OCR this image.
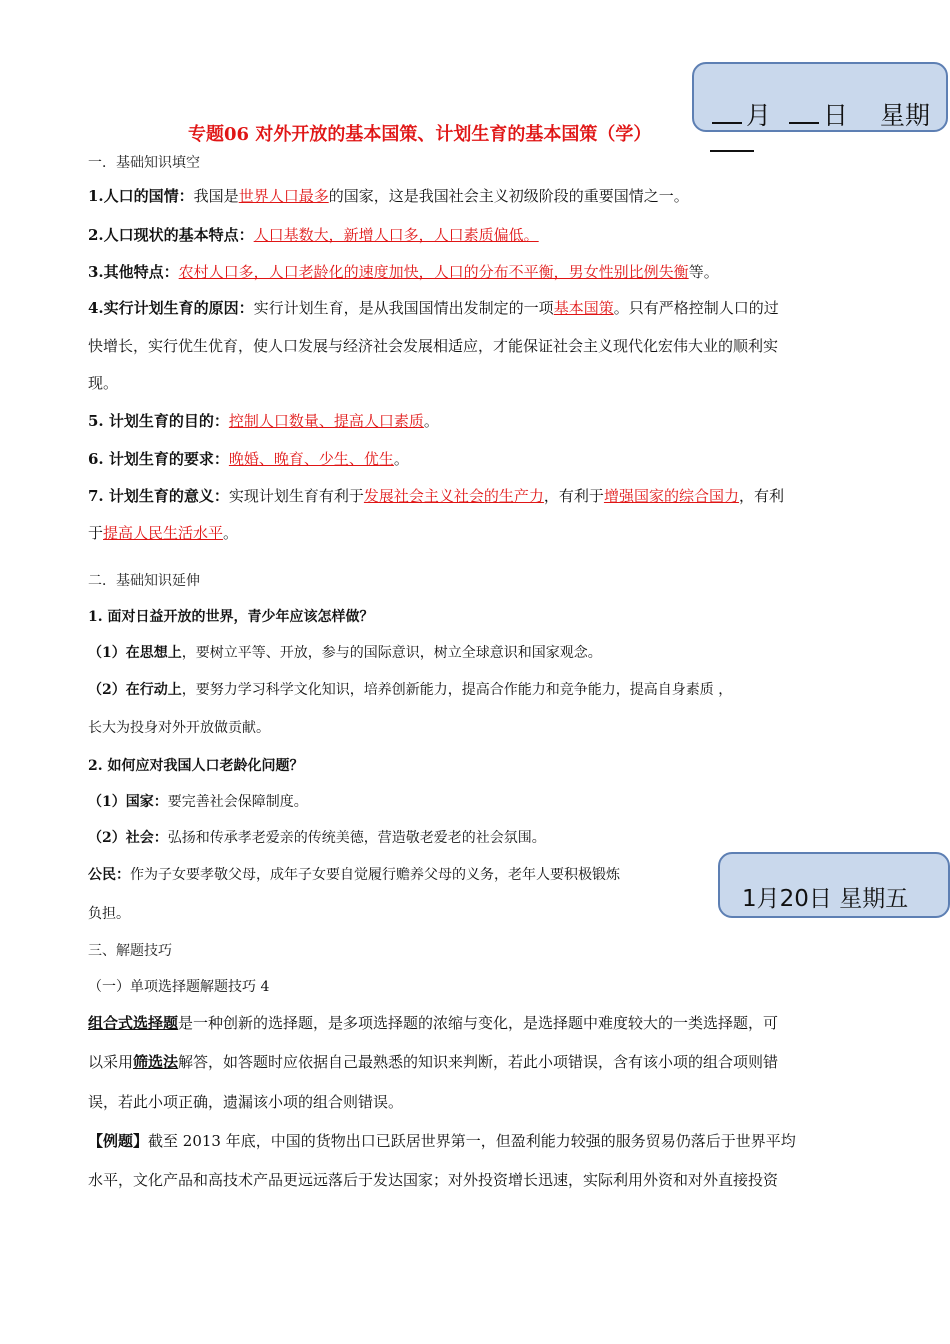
月 日 星期
专题06 对外开放的基本国策、计划生育的基本国策（学）
一．基础知识填空
1.人口的国情：我国是世界人口最多的国家，这是我国社会主义初级阶段的重要国情之一。
2.人口现状的基本特点：人口基数大，新增人口多，人口素质偏低。
3.其他特点：农村人口多，人口老龄化的速度加快，人口的分布不平衡，男女性别比例失衡等。
4.实行计划生育的原因：实行计划生育，是从我国国情出发制定的一项基本国策。只有严格控制人口的过
快增长，实行优生优育，使人口发展与经济社会发展相适应，才能保证社会主义现代化宏伟大业的顺利实
现。
5. 计划生育的目的：控制人口数量、提高人口素质。
6. 计划生育的要求：晚婚、晚育、少生、优生。
7. 计划生育的意义：实现计划生育有利于发展社会主义社会的生产力，有利于增强国家的综合国力，有利
于提高人民生活水平。
二．基础知识延伸
1. 面对日益开放的世界，青少年应该怎样做？
（1）在思想上，要树立平等、开放，参与的国际意识，树立全球意识和国家观念。
（2）在行动上，要努力学习科学文化知识，培养创新能力，提高合作能力和竞争能力，提高自身素质 ，
长大为投身对外开放做贡献。
2. 如何应对我国人口老龄化问题？
（1）国家：要完善社会保障制度。
（2）社会：弘扬和传承孝老爱亲的传统美德，营造敬老爱老的社会氛围。
公民：作为子女要孝敬父母，成年子女要自觉履行赡养父母的义务，老年人要积极锻炼
负担。
1月20日 星期五
三、解题技巧
（一）单项选择题解题技巧 4
组合式选择题是一种创新的选择题，是多项选择题的浓缩与变化，是选择题中难度较大的一类选择题，可
以采用筛选法解答，如答题时应依据自己最熟悉的知识来判断，若此小项错误，含有该小项的组合项则错
误，若此小项正确，遗漏该小项的组合则错误。
【例题】截至 2013 年底，中国的货物出口已跃居世界第一，但盈利能力较强的服务贸易仍落后于世界平均
水平，文化产品和高技术产品更远远落后于发达国家；对外投资增长迅速，实际利用外资和对外直接投资
